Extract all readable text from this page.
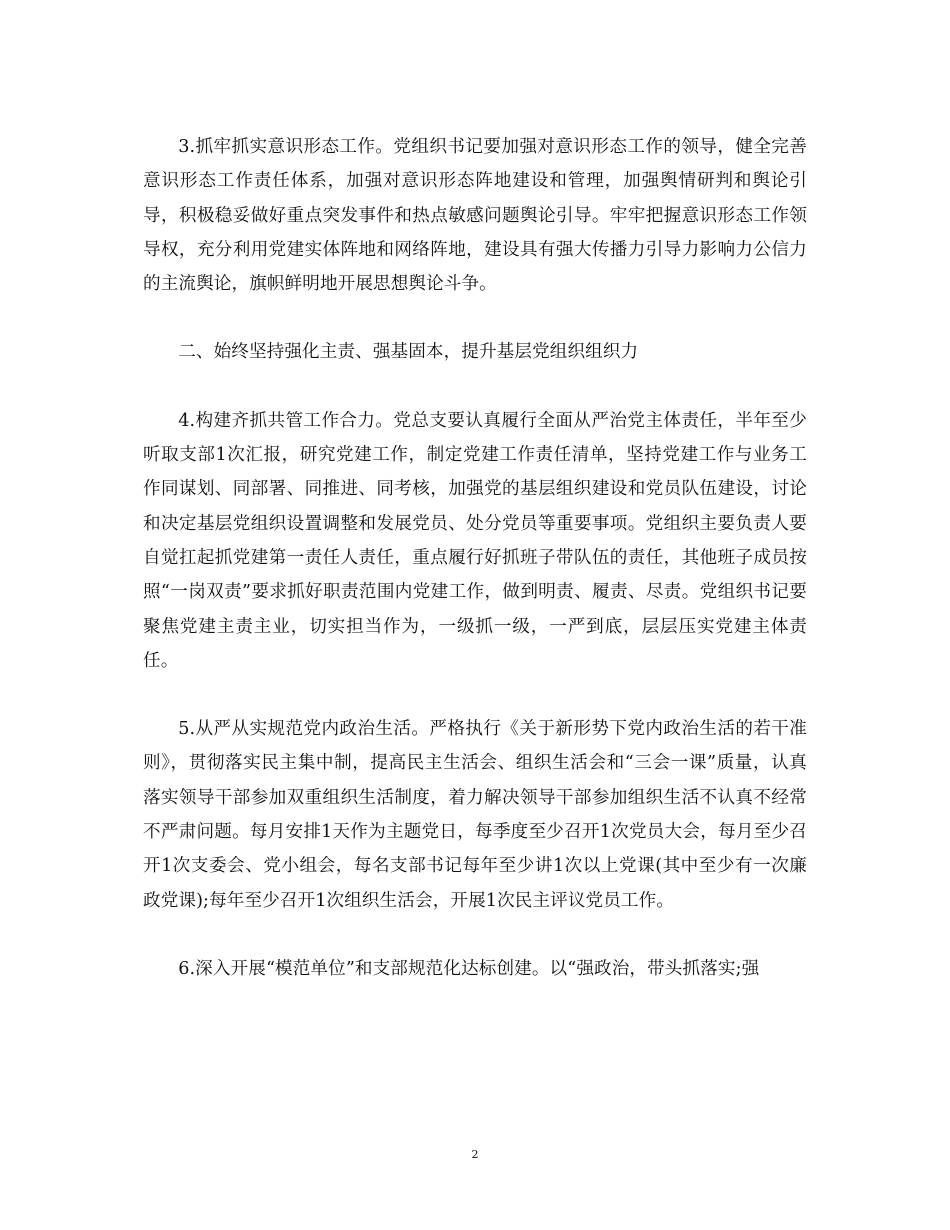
3.抓牢抓实意识形态工作。党组织书记要加强对意识形态工作的领导，健全完善意识形态工作责任体系，加强对意识形态阵地建设和管理，加强舆情研判和舆论引导，积极稳妥做好重点突发事件和热点敏感问题舆论引导。牢牢把握意识形态工作领导权，充分利用党建实体阵地和网络阵地，建设具有强大传播力引导力影响力公信力的主流舆论，旗帜鲜明地开展思想舆论斗争。

二、始终坚持强化主责、强基固本，提升基层党组织组织力

4.构建齐抓共管工作合力。党总支要认真履行全面从严治党主体责任，半年至少听取支部1次汇报，研究党建工作，制定党建工作责任清单，坚持党建工作与业务工作同谋划、同部署、同推进、同考核，加强党的基层组织建设和党员队伍建设，讨论和决定基层党组织设置调整和发展党员、处分党员等重要事项。党组织主要负责人要自觉扛起抓党建第一责任人责任，重点履行好抓班子带队伍的责任，其他班子成员按照“一岗双责”要求抓好职责范围内党建工作，做到明责、履责、尽责。党组织书记要聚焦党建主责主业，切实担当作为，一级抓一级，一严到底，层层压实党建主体责任。

5.从严从实规范党内政治生活。严格执行《关于新形势下党内政治生活的若干准则》，贯彻落实民主集中制，提高民主生活会、组织生活会和“三会一课”质量，认真落实领导干部参加双重组织生活制度，着力解决领导干部参加组织生活不认真不经常不严肃问题。每月安排1天作为主题党日，每季度至少召开1次党员大会，每月至少召开1次支委会、党小组会，每名支部书记每年至少讲1次以上党课(其中至少有一次廉政党课);每年至少召开1次组织生活会，开展1次民主评议党员工作。

6.深入开展“模范单位”和支部规范化达标创建。以“强政治，带头抓落实;强

2
